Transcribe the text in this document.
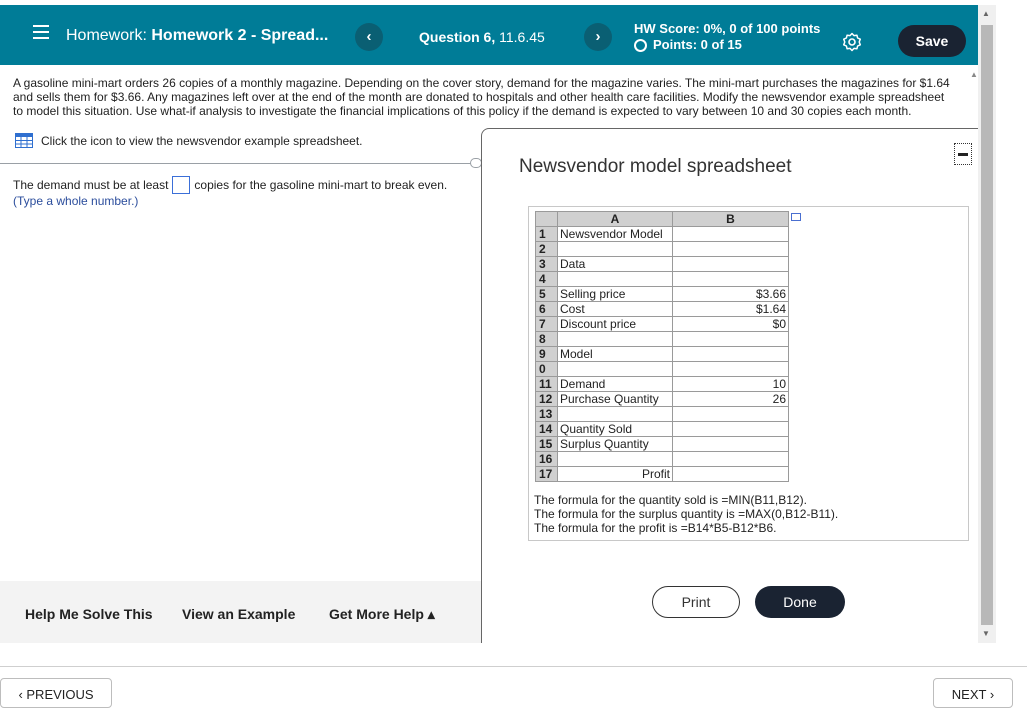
Homework: Homework 2 - Spread...	‹	Question 6, 11.6.45	›	HW Score: 0%, 0 of 100 points
Points: 0 of 15	Save
▲
▼
▲
A gasoline mini-mart orders 26 copies of a monthly magazine. Depending on the cover story, demand for the magazine varies. The mini-mart purchases the magazines for $1.64 and sells them for $3.66. Any magazines left over at the end of the month are donated to hospitals and other health care facilities. Modify the newsvendor example spreadsheet to model this situation. Use what-if analysis to investigate the financial implications of this policy if the demand is expected to vary between 10 and 30 copies each month.
Click the icon to view the newsvendor example spreadsheet.
The demand must be at least copies for the gasoline mini-mart to break even.
(Type a whole number.)
Help Me Solve This View an Example Get More Help ▴
‹ PREVIOUS	NEXT ›
Newsvendor model spreadsheet
	A	B
1	Newsvendor Model	
2		
3	Data	
4		
5	Selling price	$3.66
6	Cost	$1.64
7	Discount price	$0
8		
9	Model	
0		
11	Demand	10
12	Purchase Quantity	26
13		
14	Quantity Sold	
15	Surplus Quantity	
16		
17	Profit	
The formula for the quantity sold is =MIN(B11,B12).
The formula for the surplus quantity is =MAX(0,B12-B11).
The formula for the profit is =B14*B5-B12*B6.
Print	Done
